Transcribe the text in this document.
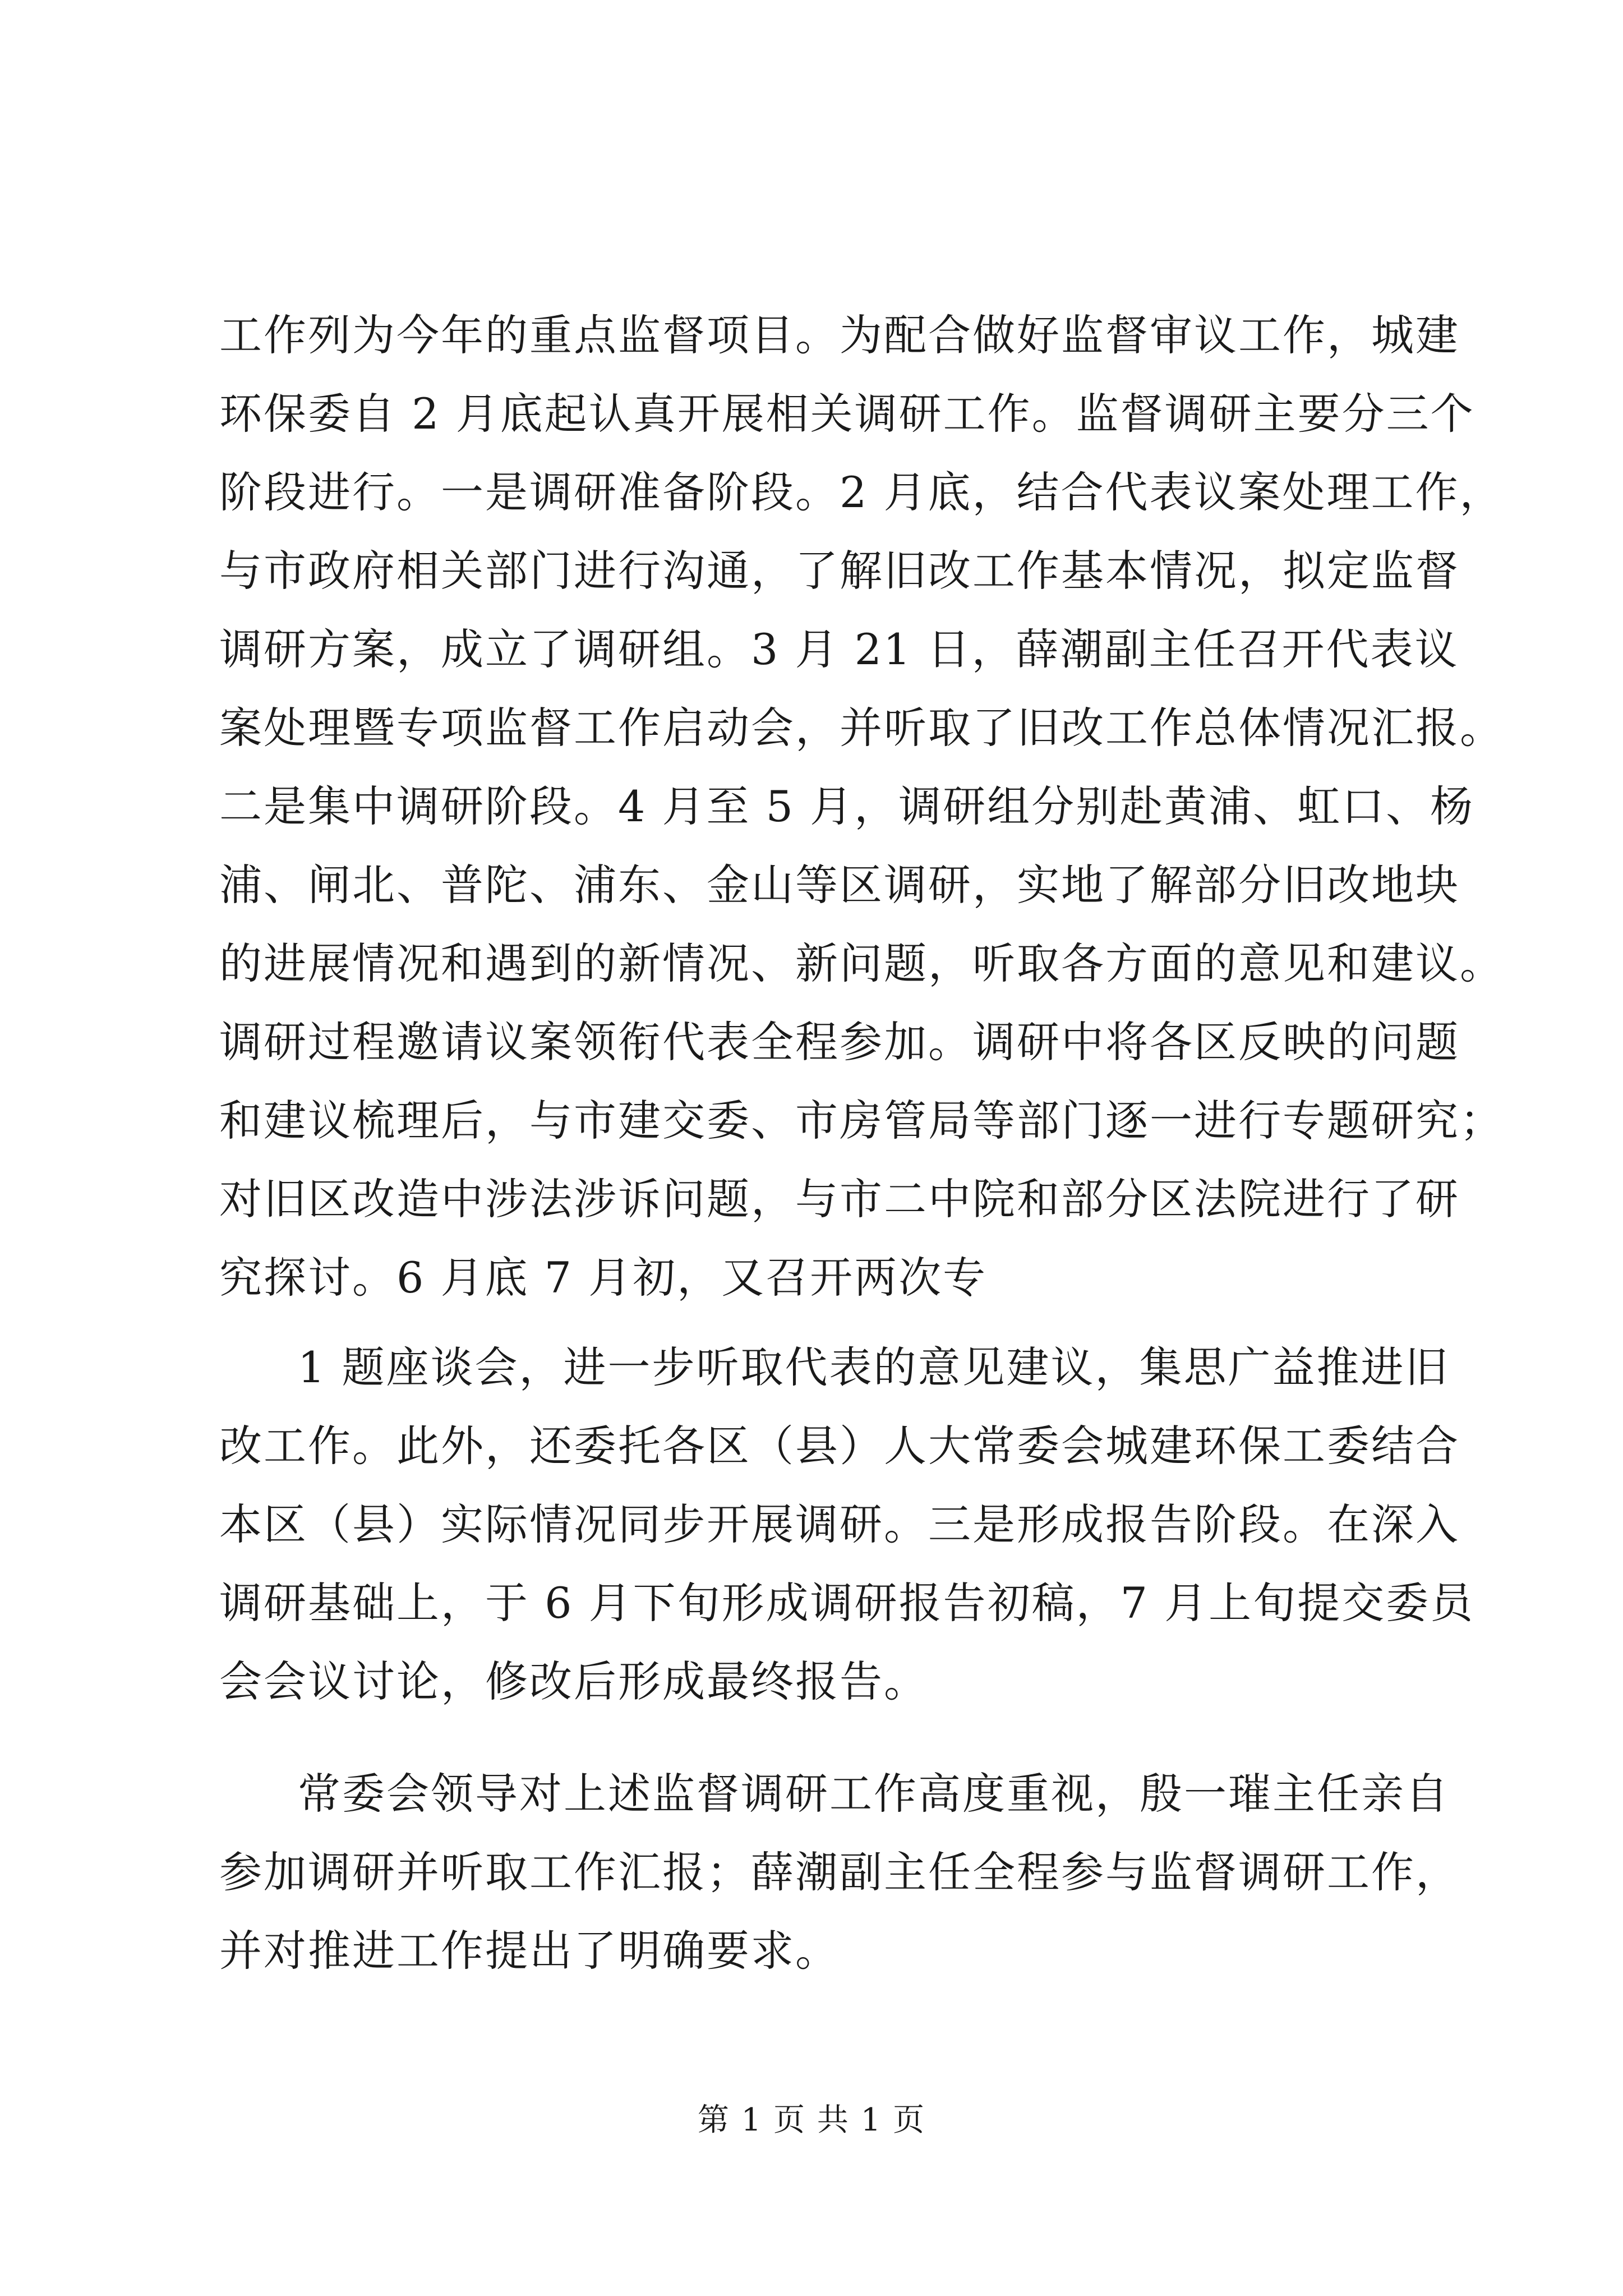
工作列为今年的重点监督项目。为配合做好监督审议工作，城建
环保委自 2 月底起认真开展相关调研工作。监督调研主要分三个
阶段进行。一是调研准备阶段。2 月底，结合代表议案处理工作，
与市政府相关部门进行沟通，了解旧改工作基本情况，拟定监督
调研方案，成立了调研组。3 月 21 日，薛潮副主任召开代表议
案处理暨专项监督工作启动会，并听取了旧改工作总体情况汇报。
二是集中调研阶段。4 月至 5 月，调研组分别赴黄浦、虹口、杨
浦、闸北、普陀、浦东、金山等区调研，实地了解部分旧改地块
的进展情况和遇到的新情况、新问题，听取各方面的意见和建议。
调研过程邀请议案领衔代表全程参加。调研中将各区反映的问题
和建议梳理后，与市建交委、市房管局等部门逐一进行专题研究；
对旧区改造中涉法涉诉问题，与市二中院和部分区法院进行了研
究探讨。6 月底 7 月初，又召开两次专
1 题座谈会，进一步听取代表的意见建议，集思广益推进旧
改工作。此外，还委托各区（县）人大常委会城建环保工委结合
本区（县）实际情况同步开展调研。三是形成报告阶段。在深入
调研基础上，于 6 月下旬形成调研报告初稿，7 月上旬提交委员
会会议讨论，修改后形成最终报告。
常委会领导对上述监督调研工作高度重视，殷一璀主任亲自
参加调研并听取工作汇报；薛潮副主任全程参与监督调研工作，
并对推进工作提出了明确要求。
第 1 页 共 1 页
